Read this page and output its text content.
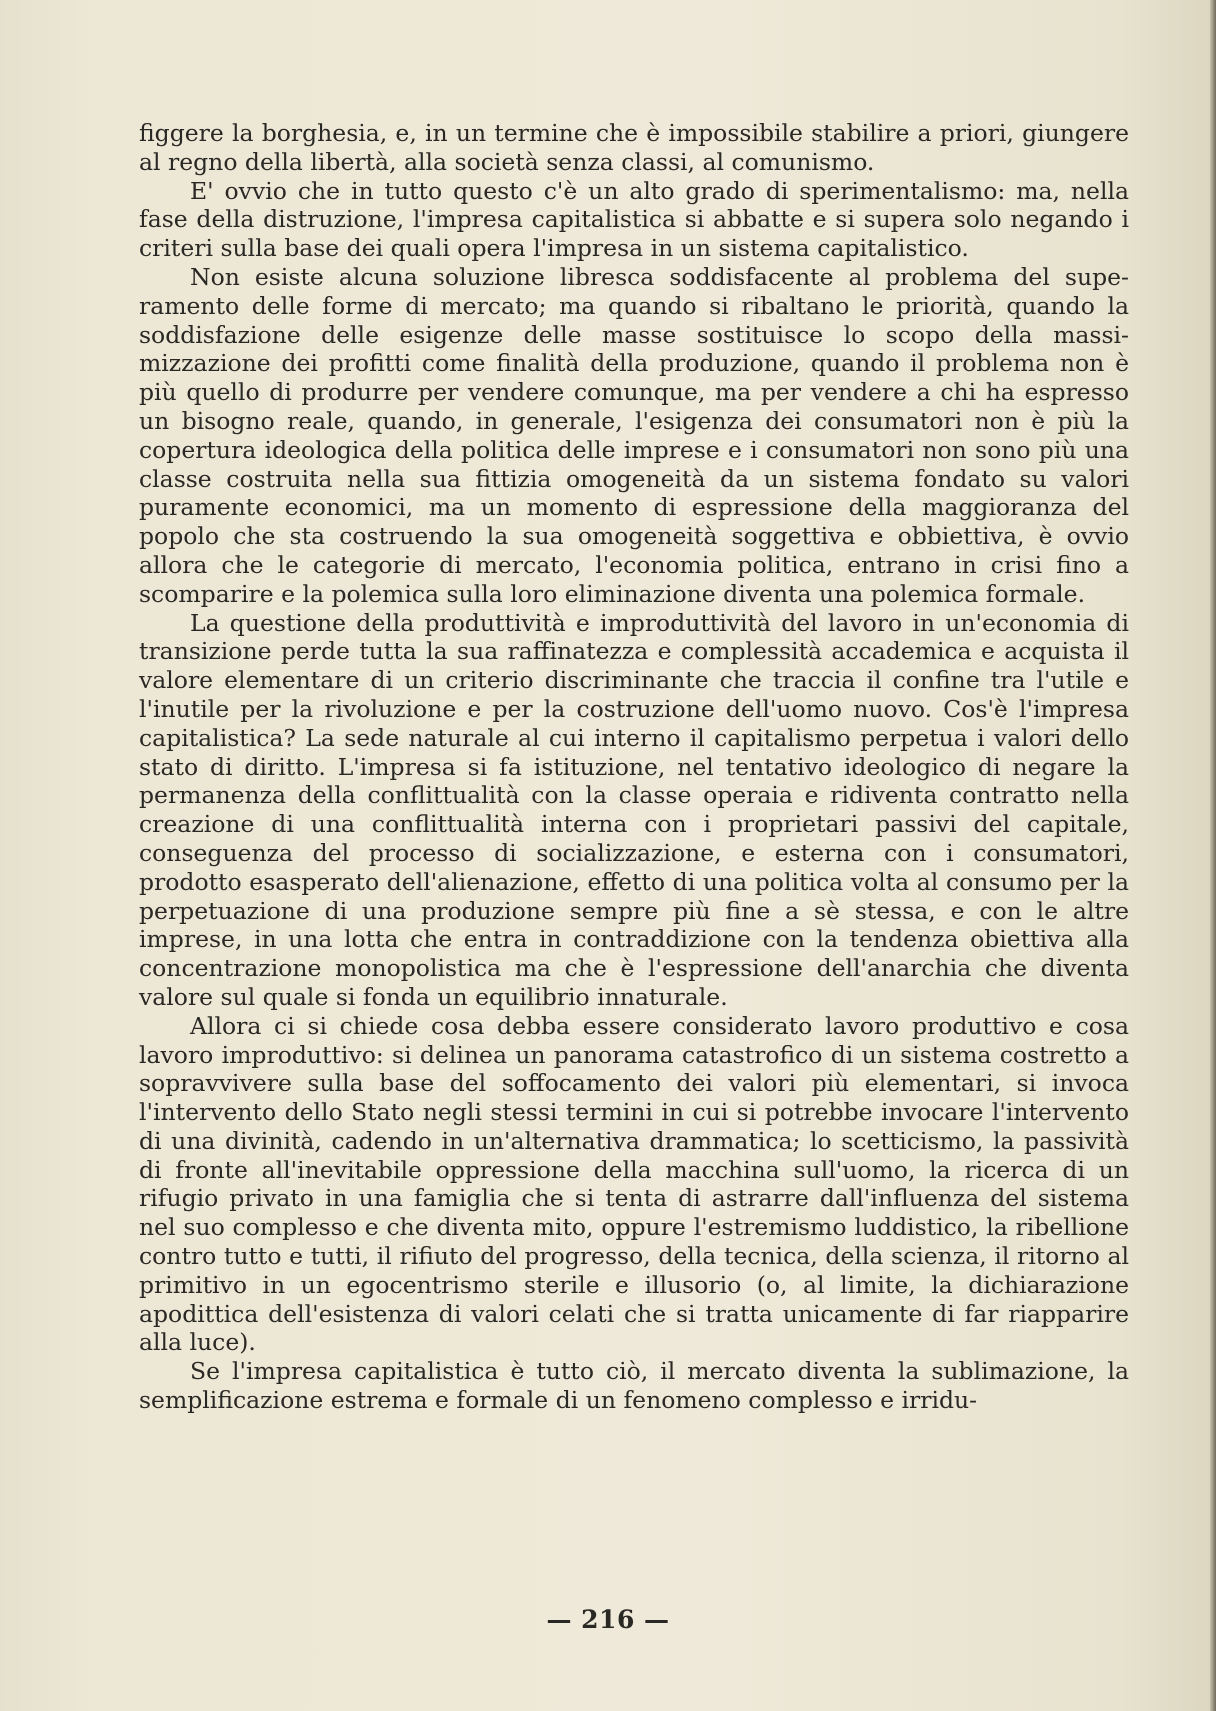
figgere la borghesia, e, in un termine che è impossibile stabilire a priori, giungere al regno della libertà, alla società senza classi, al comunismo.

E' ovvio che in tutto questo c'è un alto grado di sperimentalismo: ma, nella fase della distruzione, l'impresa capitalistica si abbatte e si supera solo negando i criteri sulla base dei quali opera l'impresa in un sistema capitalistico.

Non esiste alcuna soluzione libresca soddisfacente al problema del superamento delle forme di mercato; ma quando si ribaltano le priorità, quando la soddisfazione delle esigenze delle masse sostituisce lo scopo della massimizzazione dei profitti come finalità della produzione, quando il problema non è più quello di produrre per vendere comunque, ma per vendere a chi ha espresso un bisogno reale, quando, in generale, l'esigenza dei consumatori non è più la copertura ideologica della politica delle imprese e i consumatori non sono più una classe costruita nella sua fittizia omogeneità da un sistema fondato su valori puramente economici, ma un momento di espressione della maggioranza del popolo che sta costruendo la sua omogeneità soggettiva e obbiettiva, è ovvio allora che le categorie di mercato, l'economia politica, entrano in crisi fino a scomparire e la polemica sulla loro eliminazione diventa una polemica formale.

La questione della produttività e improduttività del lavoro in un'economia di transizione perde tutta la sua raffinatezza e complessità accademica e acquista il valore elementare di un criterio discriminante che traccia il confine tra l'utile e l'inutile per la rivoluzione e per la costruzione dell'uomo nuovo. Cos'è l'impresa capitalistica? La sede naturale al cui interno il capitalismo perpetua i valori dello stato di diritto. L'impresa si fa istituzione, nel tentativo ideologico di negare la permanenza della conflittualità con la classe operaia e ridiventa contratto nella creazione di una conflittualità interna con i proprietari passivi del capitale, conseguenza del processo di socializzazione, e esterna con i consumatori, prodotto esasperato dell'alienazione, effetto di una politica volta al consumo per la perpetuazione di una produzione sempre più fine a sè stessa, e con le altre imprese, in una lotta che entra in contraddizione con la tendenza obiettiva alla concentrazione monopolistica ma che è l'espressione dell'anarchia che diventa valore sul quale si fonda un equilibrio innaturale.

Allora ci si chiede cosa debba essere considerato lavoro produttivo e cosa lavoro improduttivo: si delinea un panorama catastrofico di un sistema costretto a sopravvivere sulla base del soffocamento dei valori più elementari, si invoca l'intervento dello Stato negli stessi termini in cui si potrebbe invocare l'intervento di una divinità, cadendo in un'alternativa drammatica; lo scetticismo, la passività di fronte all'inevitabile oppressione della macchina sull'uomo, la ricerca di un rifugio privato in una famiglia che si tenta di astrarre dall'influenza del sistema nel suo complesso e che diventa mito, oppure l'estremismo luddistico, la ribellione contro tutto e tutti, il rifiuto del progresso, della tecnica, della scienza, il ritorno al primitivo in un egocentrismo sterile e illusorio (o, al limite, la dichiarazione apodittica dell'esistenza di valori celati che si tratta unicamente di far riapparire alla luce).

Se l'impresa capitalistica è tutto ciò, il mercato diventa la sublimazione, la semplificazione estrema e formale di un fenomeno complesso e irridu-

— 216 —
